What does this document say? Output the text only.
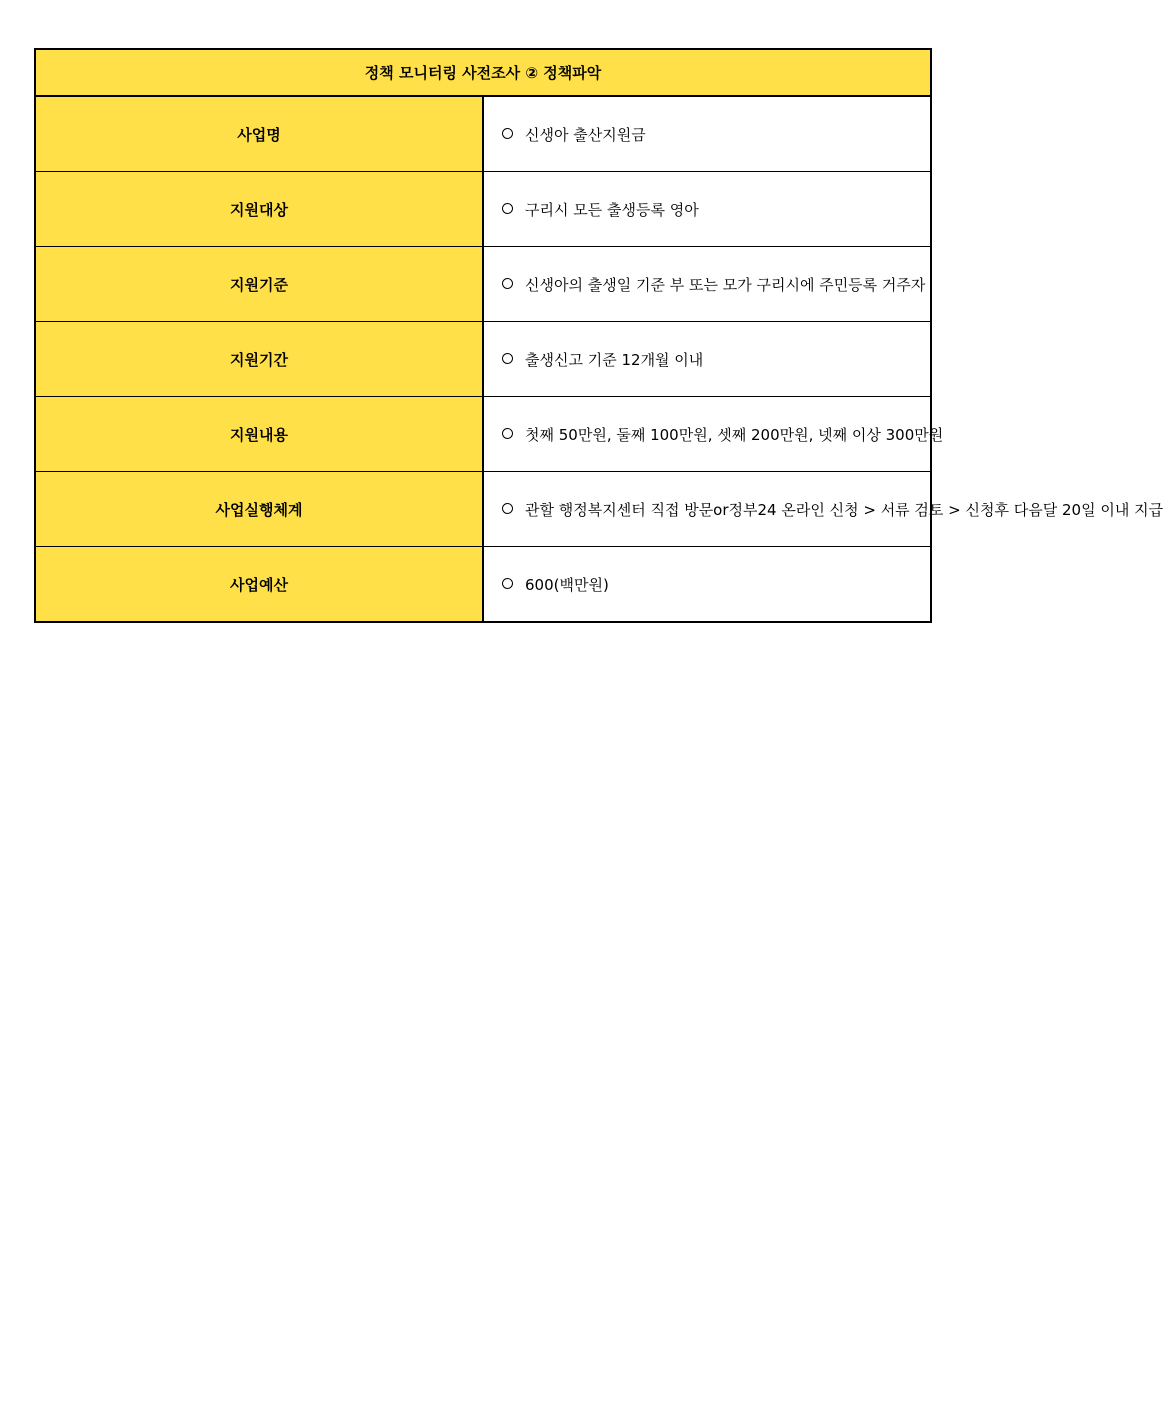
정책 모니터링 사전조사 ② 정책파악	
사업명	신생아 출산지원금
지원대상	구리시 모든 출생등록 영아
지원기준	신생아의 출생일 기준 부 또는 모가 구리시에 주민등록 거주자
지원기간	출생신고 기준 12개월 이내
지원내용	첫째 50만원, 둘째 100만원, 셋째 200만원, 넷째 이상 300만원
사업실행체계	관할 행정복지센터 직접 방문or정부24 온라인 신청 > 서류 검토 > 신청후 다음달 20일 이내 지급
사업예산	600(백만원)
